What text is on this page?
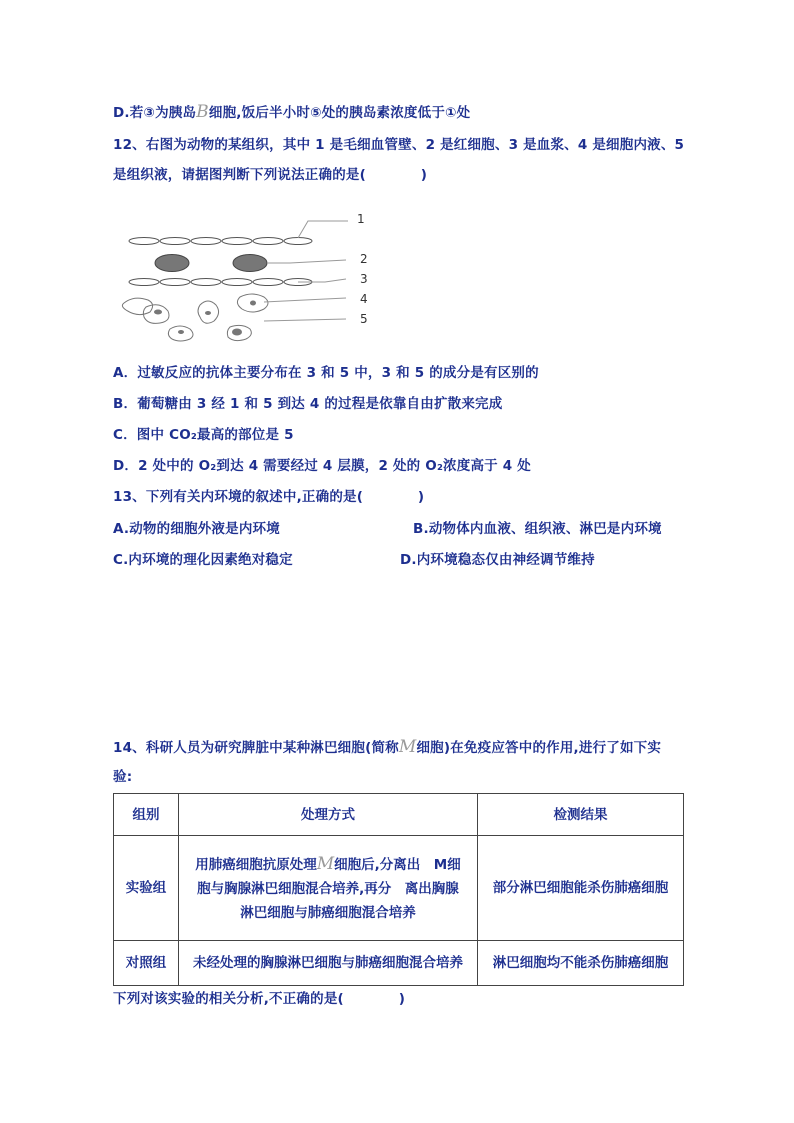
D.若③为胰岛B细胞,饭后半小时⑤处的胰岛素浓度低于①处
12、右图为动物的某组织，其中 1 是毛细血管壁、2 是红细胞、3 是血浆、4 是细胞内液、5
是组织液，请据图判断下列说法正确的是(　　　　)
1
2
3
4
5
A．过敏反应的抗体主要分布在 3 和 5 中，3 和 5 的成分是有区别的
B．葡萄糖由 3 经 1 和 5 到达 4 的过程是依靠自由扩散来完成
C．图中 CO₂最高的部位是 5
D．2 处中的 O₂到达 4 需要经过 4 层膜，2 处的 O₂浓度高于 4 处
13、下列有关内环境的叙述中,正确的是(　　　　)
A.动物的细胞外液是内环境	B.动物体内血液、组织液、淋巴是内环境
C.内环境的理化因素绝对稳定	D.内环境稳态仅由神经调节维持
14、科研人员为研究脾脏中某种淋巴细胞(简称M细胞)在免疫应答中的作用,进行了如下实
验:
组别	处理方式	检测结果
实验组	用肺癌细胞抗原处理M细胞后,分离出　M细
胞与胸腺淋巴细胞混合培养,再分　离出胸腺
淋巴细胞与肺癌细胞混合培养	部分淋巴细胞能杀伤肺癌细胞
对照组	未经处理的胸腺淋巴细胞与肺癌细胞混合培养	淋巴细胞均不能杀伤肺癌细胞
下列对该实验的相关分析,不正确的是(　　　　)
